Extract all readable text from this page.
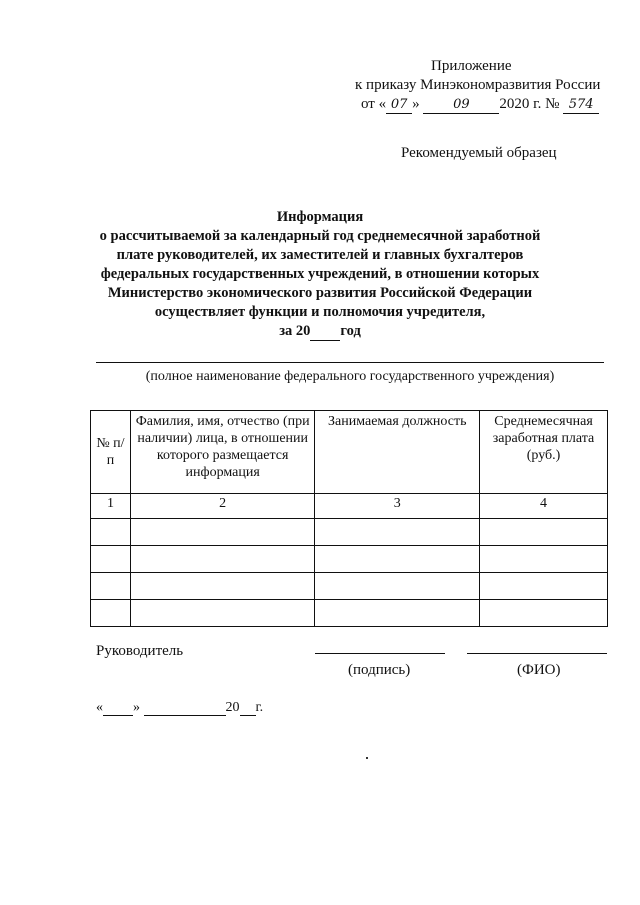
Приложение
к приказу Минэкономразвития России
от « 07 »	09 2020 г. № 574
Рекомендуемый образец
Информация
о рассчитываемой за календарный год среднемесячной заработной
плате руководителей, их заместителей и главных бухгалтеров
федеральных государственных учреждений, в отношении которых
Министерство экономического развития Российской Федерации
осуществляет функции и полномочия учредителя,
за 20 год
(полное наименование федерального государственного учреждения)
№ п/п	Фамилия, имя, отчество (при наличии) лица, в отношении которого размещается информация	Занимаемая должность	Среднемесячная заработная плата (руб.)
1	2	3	4

Руководитель
(подпись)	(ФИО)
« »	20 г.
